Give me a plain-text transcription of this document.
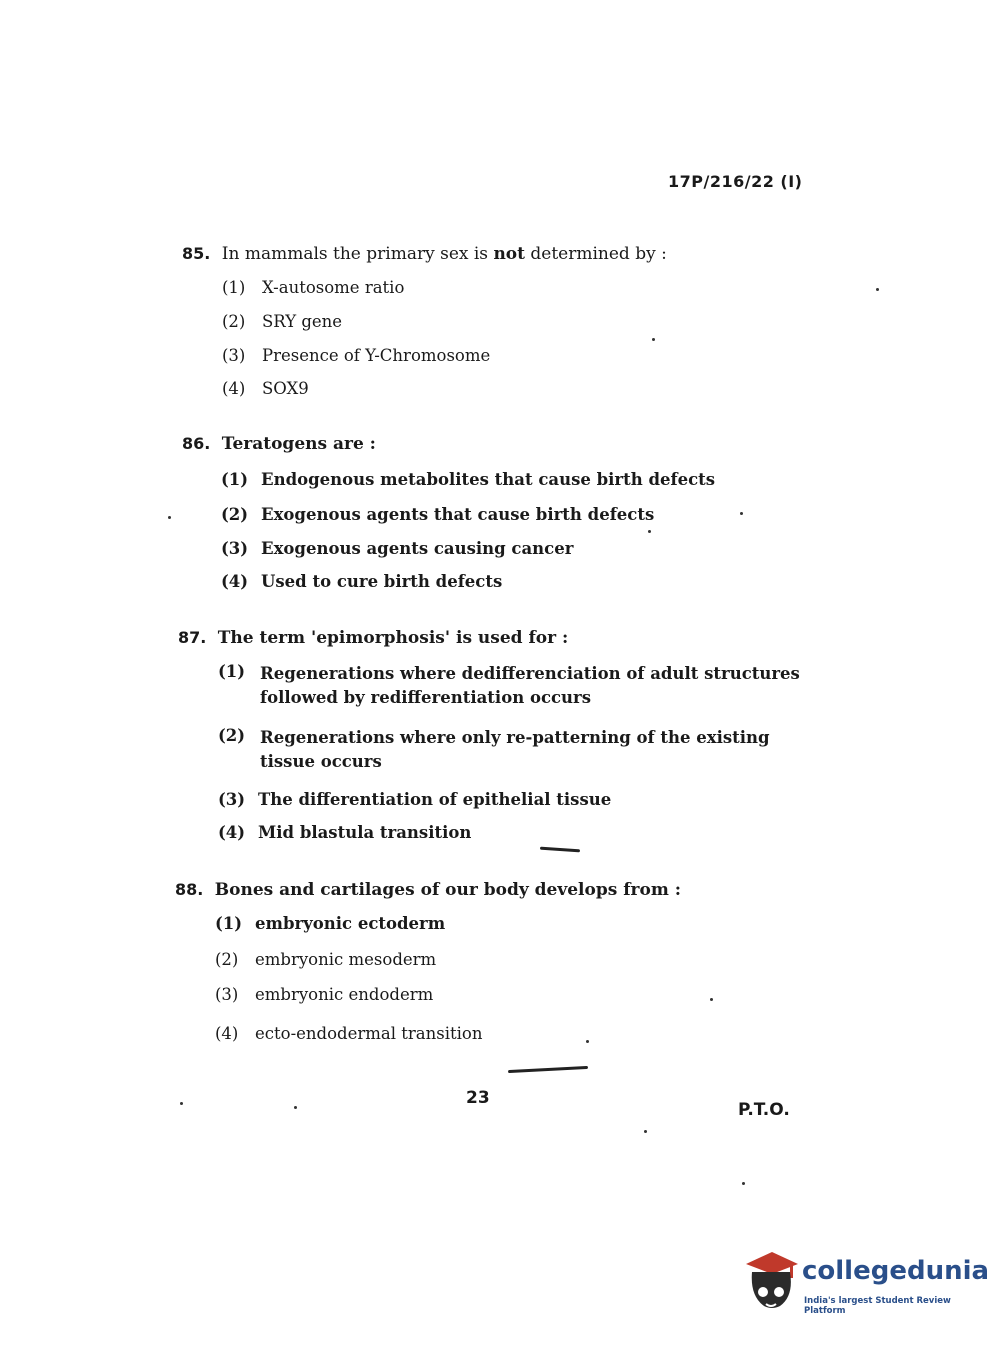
17P/216/22 (I)
85. In mammals the primary sex is not determined by :
(1) X-autosome ratio
(2) SRY gene
(3) Presence of Y-Chromosome
(4) SOX9
86. Teratogens are :
(1) Endogenous metabolites that cause birth defects
(2) Exogenous agents that cause birth defects
(3) Exogenous agents causing cancer
(4) Used to cure birth defects
87. The term 'epimorphosis' is used for :
(1) Regenerations where dedifferenciation of adult structures followed by redifferentiation occurs
(2) Regenerations where only re-patterning of the existing tissue occurs
(3) The differentiation of epithelial tissue
(4) Mid blastula transition
88. Bones and cartilages of our body develops from :
(1) embryonic ectoderm
(2) embryonic mesoderm
(3) embryonic endoderm
(4) ecto-endodermal transition
23
P.T.O.
collegedunia
India's largest Student Review Platform
